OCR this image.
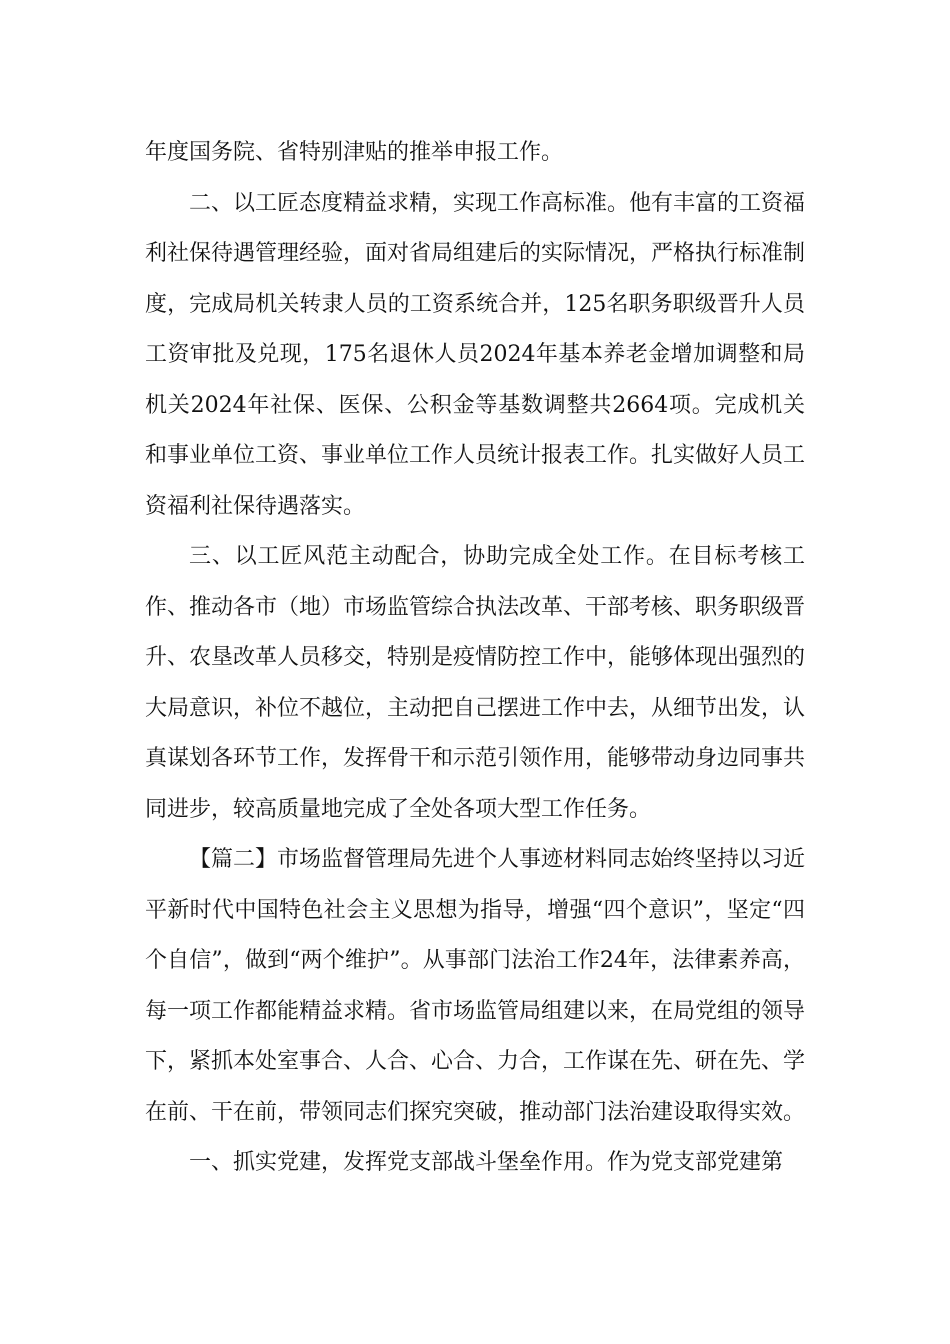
年度国务院、省特别津贴的推举申报工作。

二、以工匠态度精益求精，实现工作高标准。他有丰富的工资福利社保待遇管理经验，面对省局组建后的实际情况，严格执行标准制度，完成局机关转隶人员的工资系统合并，125名职务职级晋升人员工资审批及兑现，175名退休人员2024年基本养老金增加调整和局机关2024年社保、医保、公积金等基数调整共2664项。完成机关和事业单位工资、事业单位工作人员统计报表工作。扎实做好人员工资福利社保待遇落实。

三、以工匠风范主动配合，协助完成全处工作。在目标考核工作、推动各市（地）市场监管综合执法改革、干部考核、职务职级晋升、农垦改革人员移交，特别是疫情防控工作中，能够体现出强烈的大局意识，补位不越位，主动把自己摆进工作中去，从细节出发，认真谋划各环节工作，发挥骨干和示范引领作用，能够带动身边同事共同进步，较高质量地完成了全处各项大型工作任务。

【篇二】市场监督管理局先进个人事迹材料同志始终坚持以习近平新时代中国特色社会主义思想为指导，增强“四个意识”，坚定“四个自信”，做到“两个维护”。从事部门法治工作24年，法律素养高，每一项工作都能精益求精。省市场监管局组建以来，在局党组的领导下，紧抓本处室事合、人合、心合、力合，工作谋在先、研在先、学在前、干在前，带领同志们探究突破，推动部门法治建设取得实效。

一、抓实党建，发挥党支部战斗堡垒作用。作为党支部党建第
